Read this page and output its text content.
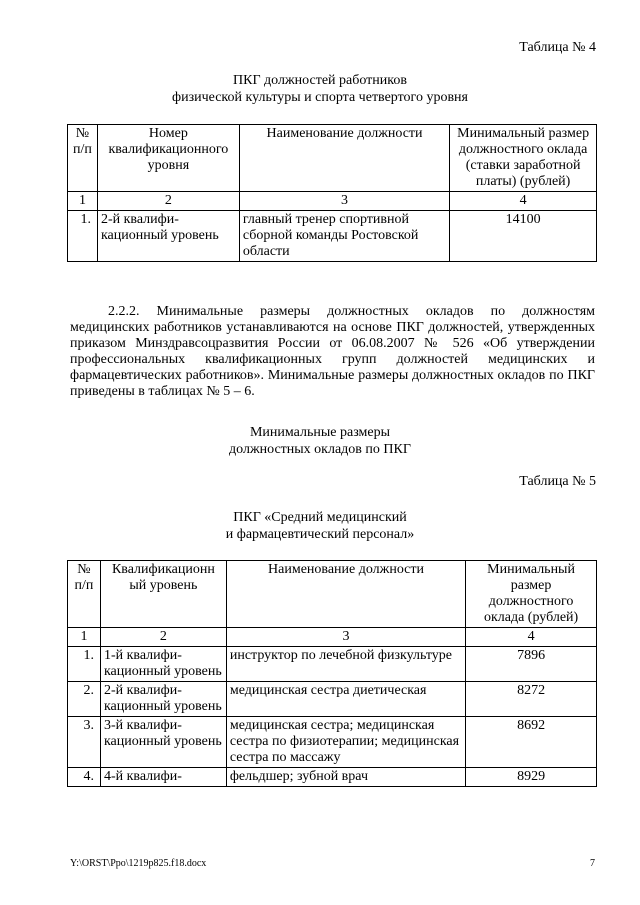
Таблица № 4
ПКГ должностей работников
физической культуры и спорта четвертого уровня
№ п/п	Номер квалификационного уровня	Наименование должности	Минимальный размер должностного оклада (ставки заработной платы) (рублей)
1	2	3	4
1.	2-й квалифи-кационный уровень	главный тренер спортивной сборной команды Ростовской области	14100
2.2.2. Минимальные размеры должностных окладов по должностям медицинских работников устанавливаются на основе ПКГ должностей, утвержденных приказом Минздравсоцразвития России от 06.08.2007 № 526 «Об утверждении профессиональных квалификационных групп должностей медицинских и фармацевтических работников». Минимальные размеры должностных окладов по ПКГ приведены в таблицах № 5 – 6.
Минимальные размеры
должностных окладов по ПКГ
Таблица № 5
ПКГ «Средний медицинский
и фармацевтический персонал»
№ п/п	Квалификационн ый уровень	Наименование должности	Минимальный размер должностного оклада (рублей)
1	2	3	4
1.	1-й квалифи-кационный уровень	инструктор по лечебной физкультуре	7896
2.	2-й квалифи-кационный уровень	медицинская сестра диетическая	8272
3.	3-й квалифи-кационный уровень	медицинская сестра; медицинская сестра по физиотерапии; медицинская сестра по массажу	8692
4.	4-й квалифи-	фельдшер; зубной врач	8929
Y:\ORST\Ppo\1219p825.f18.docx	7
